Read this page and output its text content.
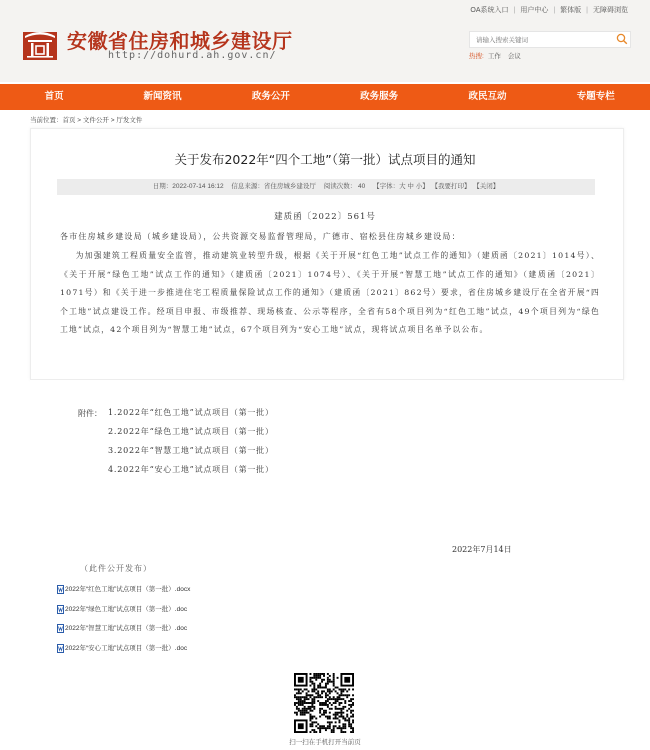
OA系统入口 | 用户中心 | 繁体版 | 无障碍浏览
安徽省住房和城乡建设厅
http://dohurd.ah.gov.cn/
请输入搜索关键词	热搜: 工作 会议
首页	新闻资讯	政务公开	政务服务	政民互动	专题专栏
当前位置：首页 > 文件公开 > 厅发文件
关于发布2022年“四个工地”（第一批）试点项目的通知
日期：2022-07-14 16:12 信息来源：省住房城乡建设厅 阅读次数： 40 【字体：大 中 小】 【我要打印】 【关闭】
建质函〔2022〕561号
各市住房城乡建设局（城乡建设局），公共资源交易监督管理局，广德市、宿松县住房城乡建设局：
为加强建筑工程质量安全监管，推动建筑业转型升级，根据《关于开展“红色工地”试点工作的通知》（建质函〔2021〕1014号）、《关于开展“绿色工地”试点工作的通知》（建质函〔2021〕1074号）、《关于开展“智慧工地”试点工作的通知》（建质函〔2021〕1071号）和《关于进一步推进住宅工程质量保险试点工作的通知》（建质函〔2021〕862号）要求，省住房城乡建设厅在全省开展“四个工地”试点建设工作。经项目申报、市级推荐、现场核查、公示等程序，全省有58个项目列为“红色工地”试点，49个项目列为“绿色工地”试点，42个项目列为“智慧工地”试点，67个项目列为“安心工地”试点，现将试点项目名单予以公布。
附件： 1.2022年“红色工地”试点项目（第一批）
2.2022年“绿色工地”试点项目（第一批）
3.2022年“智慧工地”试点项目（第一批）
4.2022年“安心工地”试点项目（第一批）
2022年7月14日
（此件公开发布）
2022年“红色工地”试点项目（第一批）.docx
2022年“绿色工地”试点项目（第一批）.doc
2022年“智慧工地”试点项目（第一批）.doc
2022年“安心工地”试点项目（第一批）.doc
扫一扫在手机打开当前页
